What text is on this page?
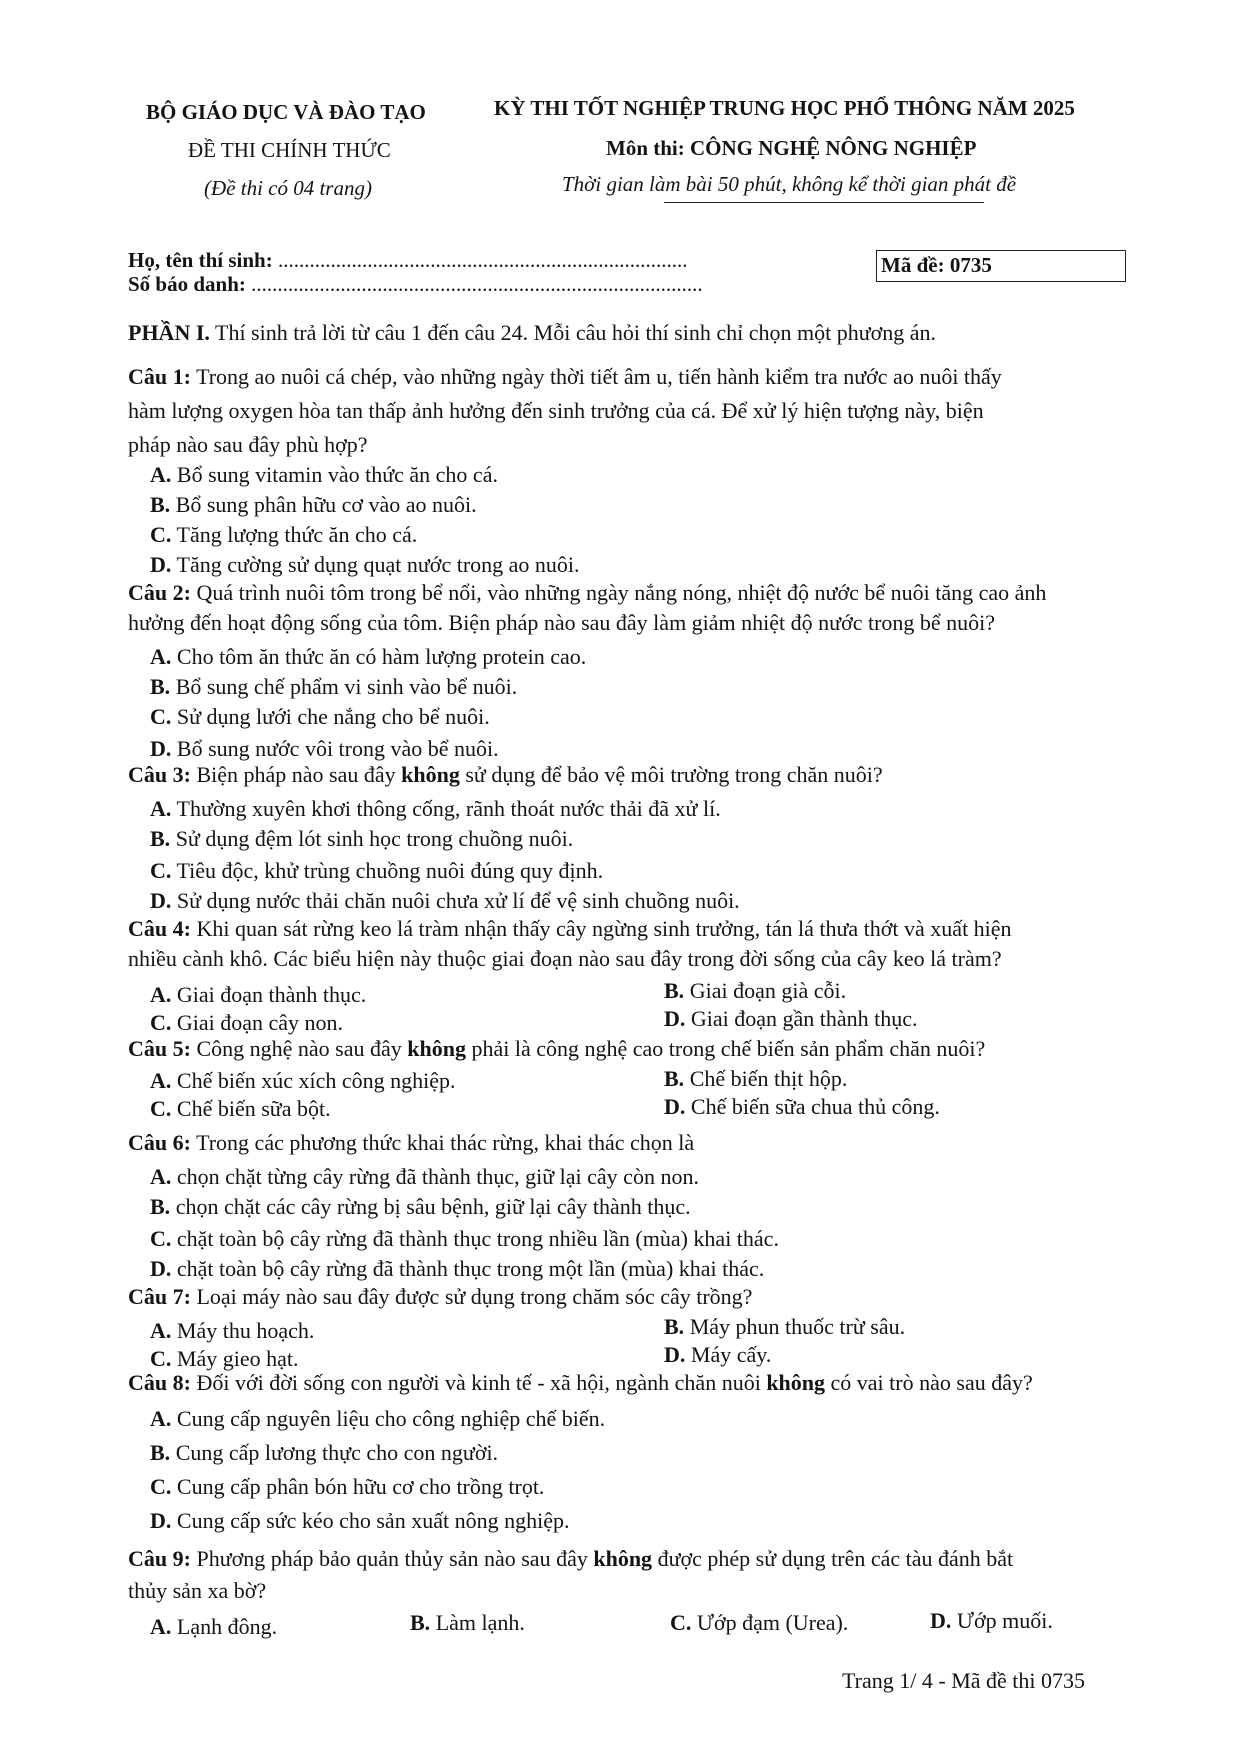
BỘ GIÁO DỤC VÀ ĐÀO TẠO
ĐỀ THI CHÍNH THỨC
(Đề thi có 04 trang)
KỲ THI TỐT NGHIỆP TRUNG HỌC PHỔ THÔNG NĂM 2025
Môn thi: CÔNG NGHỆ NÔNG NGHIỆP
Thời gian làm bài 50 phút, không kể thời gian phát đề
Họ, tên thí sinh: ..............................................................................
Số báo danh: ......................................................................................
Mã đề: 0735
PHẦN I. Thí sinh trả lời từ câu 1 đến câu 24. Mỗi câu hỏi thí sinh chỉ chọn một phương án.
Câu 1: Trong ao nuôi cá chép, vào những ngày thời tiết âm u, tiến hành kiểm tra nước ao nuôi thấy
hàm lượng oxygen hòa tan thấp ảnh hưởng đến sinh trưởng của cá. Để xử lý hiện tượng này, biện
pháp nào sau đây phù hợp?
A. Bổ sung vitamin vào thức ăn cho cá.
B. Bổ sung phân hữu cơ vào ao nuôi.
C. Tăng lượng thức ăn cho cá.
D. Tăng cường sử dụng quạt nước trong ao nuôi.
Câu 2: Quá trình nuôi tôm trong bể nổi, vào những ngày nắng nóng, nhiệt độ nước bể nuôi tăng cao ảnh
hưởng đến hoạt động sống của tôm. Biện pháp nào sau đây làm giảm nhiệt độ nước trong bể nuôi?
A. Cho tôm ăn thức ăn có hàm lượng protein cao.
B. Bổ sung chế phẩm vi sinh vào bể nuôi.
C. Sử dụng lưới che nắng cho bể nuôi.
D. Bổ sung nước vôi trong vào bể nuôi.
Câu 3: Biện pháp nào sau đây không sử dụng để bảo vệ môi trường trong chăn nuôi?
A. Thường xuyên khơi thông cống, rãnh thoát nước thải đã xử lí.
B. Sử dụng đệm lót sinh học trong chuồng nuôi.
C. Tiêu độc, khử trùng chuồng nuôi đúng quy định.
D. Sử dụng nước thải chăn nuôi chưa xử lí để vệ sinh chuồng nuôi.
Câu 4: Khi quan sát rừng keo lá tràm nhận thấy cây ngừng sinh trưởng, tán lá thưa thớt và xuất hiện
nhiều cành khô. Các biểu hiện này thuộc giai đoạn nào sau đây trong đời sống của cây keo lá tràm?
A. Giai đoạn thành thục.	B. Giai đoạn già cỗi.
C. Giai đoạn cây non.	D. Giai đoạn gần thành thục.
Câu 5: Công nghệ nào sau đây không phải là công nghệ cao trong chế biến sản phẩm chăn nuôi?
A. Chế biến xúc xích công nghiệp.	B. Chế biến thịt hộp.
C. Chế biến sữa bột.	D. Chế biến sữa chua thủ công.
Câu 6: Trong các phương thức khai thác rừng, khai thác chọn là
A. chọn chặt từng cây rừng đã thành thục, giữ lại cây còn non.
B. chọn chặt các cây rừng bị sâu bệnh, giữ lại cây thành thục.
C. chặt toàn bộ cây rừng đã thành thục trong nhiều lần (mùa) khai thác.
D. chặt toàn bộ cây rừng đã thành thục trong một lần (mùa) khai thác.
Câu 7: Loại máy nào sau đây được sử dụng trong chăm sóc cây trồng?
A. Máy thu hoạch.	B. Máy phun thuốc trừ sâu.
C. Máy gieo hạt.	D. Máy cấy.
Câu 8: Đối với đời sống con người và kinh tế - xã hội, ngành chăn nuôi không có vai trò nào sau đây?
A. Cung cấp nguyên liệu cho công nghiệp chế biến.
B. Cung cấp lương thực cho con người.
C. Cung cấp phân bón hữu cơ cho trồng trọt.
D. Cung cấp sức kéo cho sản xuất nông nghiệp.
Câu 9: Phương pháp bảo quản thủy sản nào sau đây không được phép sử dụng trên các tàu đánh bắt
thủy sản xa bờ?
A. Lạnh đông.	B. Làm lạnh.	C. Ướp đạm (Urea).	D. Ướp muối.
Trang 1/ 4 - Mã đề thi 0735
